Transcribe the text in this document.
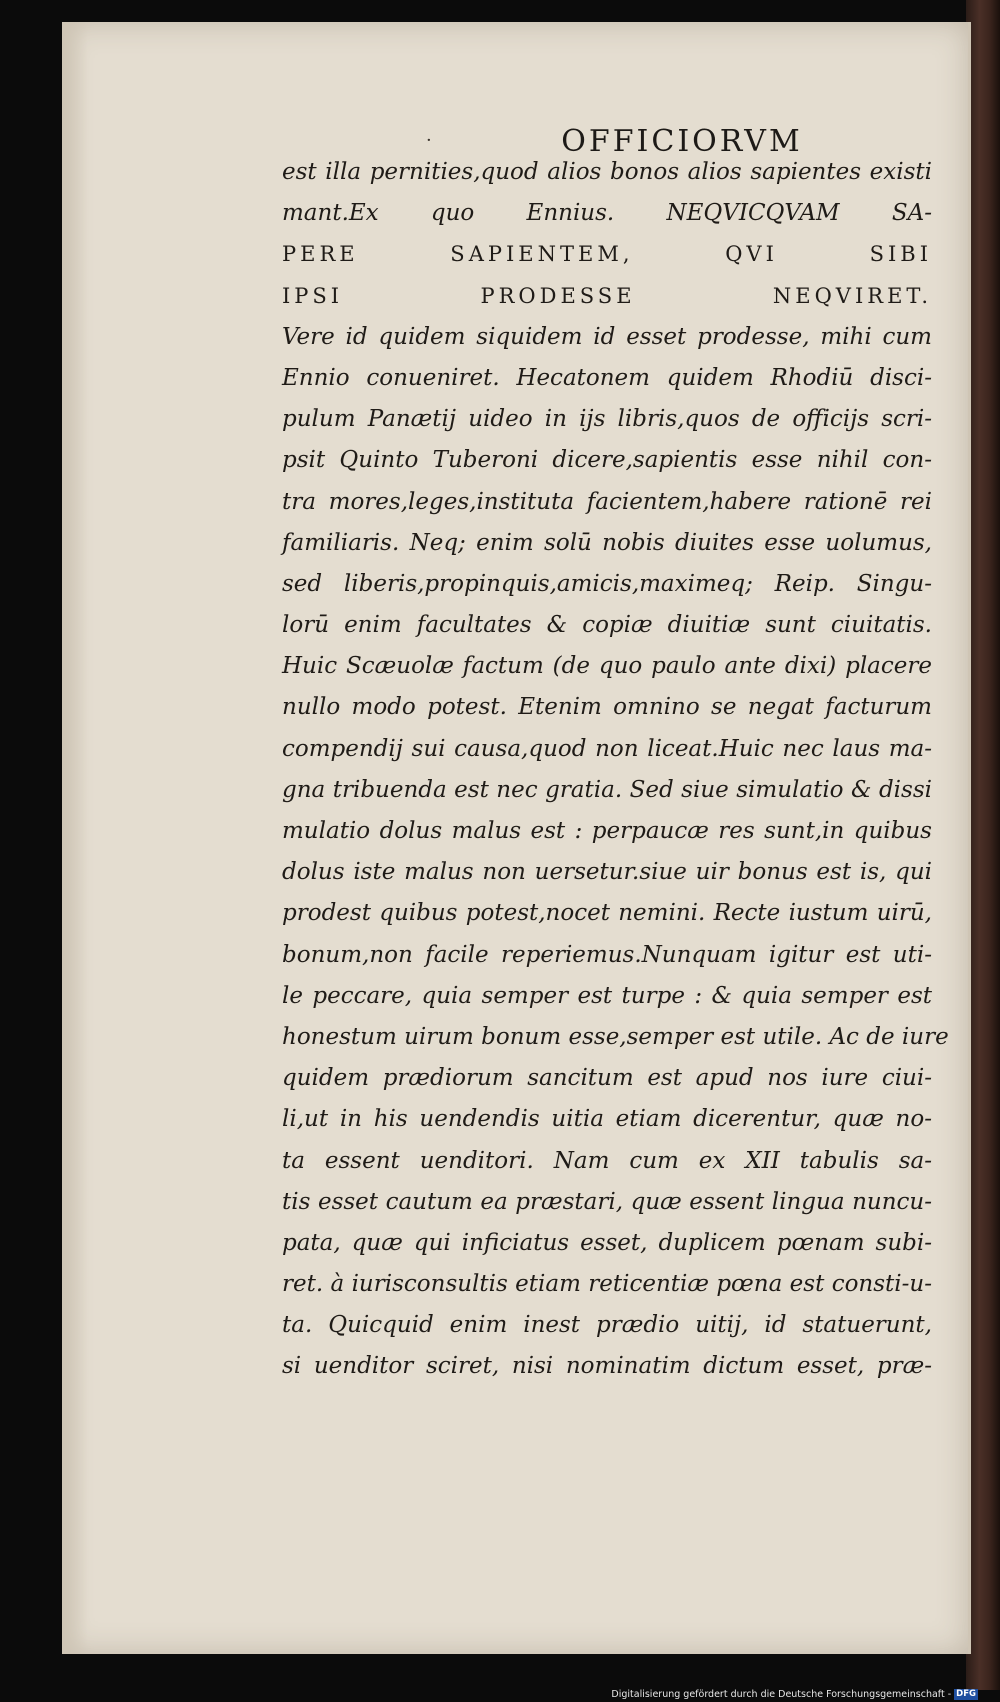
·	OFFICIORVM
est illa pernities,quod alios bonos alios sapientes existi
mant.Ex quo Ennius. NEQVICQVAM SA-
PERE SAPIENTEM, QVI SIBI
IPSI PRODESSE NEQVIRET.
Vere id quidem siquidem id esset prodesse, mihi cum
Ennio conueniret. Hecatonem quidem Rhodiū disci-
pulum Panætij uideo in ijs libris,quos de officijs scri-
psit Quinto Tuberoni dicere,sapientis esse nihil con-
tra mores,leges,instituta facientem,habere rationē rei
familiaris. Neq; enim solū nobis diuites esse uolumus,
sed liberis,propinquis,amicis,maximeq; Reip. Singu-
lorū enim facultates & copiæ diuitiæ sunt ciuitatis.
Huic Scæuolæ factum (de quo paulo ante dixi) placere
nullo modo potest. Etenim omnino se negat facturum
compendij sui causa,quod non liceat.Huic nec laus ma-
gna tribuenda est nec gratia. Sed siue simulatio & dissi
mulatio dolus malus est : perpaucæ res sunt,in quibus
dolus iste malus non uersetur.siue uir bonus est is, qui
prodest quibus potest,nocet nemini. Recte iustum uirū,
bonum,non facile reperiemus.Nunquam igitur est uti-
le peccare, quia semper est turpe : & quia semper est
honestum uirum bonum esse,semper est utile. Ac de iure
quidem prædiorum sancitum est apud nos iure ciui-
li,ut in his uendendis uitia etiam dicerentur, quæ no-
ta essent uenditori. Nam cum ex XII tabulis sa-
tis esset cautum ea præstari, quæ essent lingua nuncu-
pata, quæ qui inficiatus esset, duplicem pœnam subi-
ret. à iurisconsultis etiam reticentiæ pœna est consti-u-
ta. Quicquid enim inest prædio uitij, id statuerunt,
si uenditor sciret, nisi nominatim dictum esset, præ-
Digitalisierung gefördert durch die Deutsche Forschungsgemeinschaft - DFG
